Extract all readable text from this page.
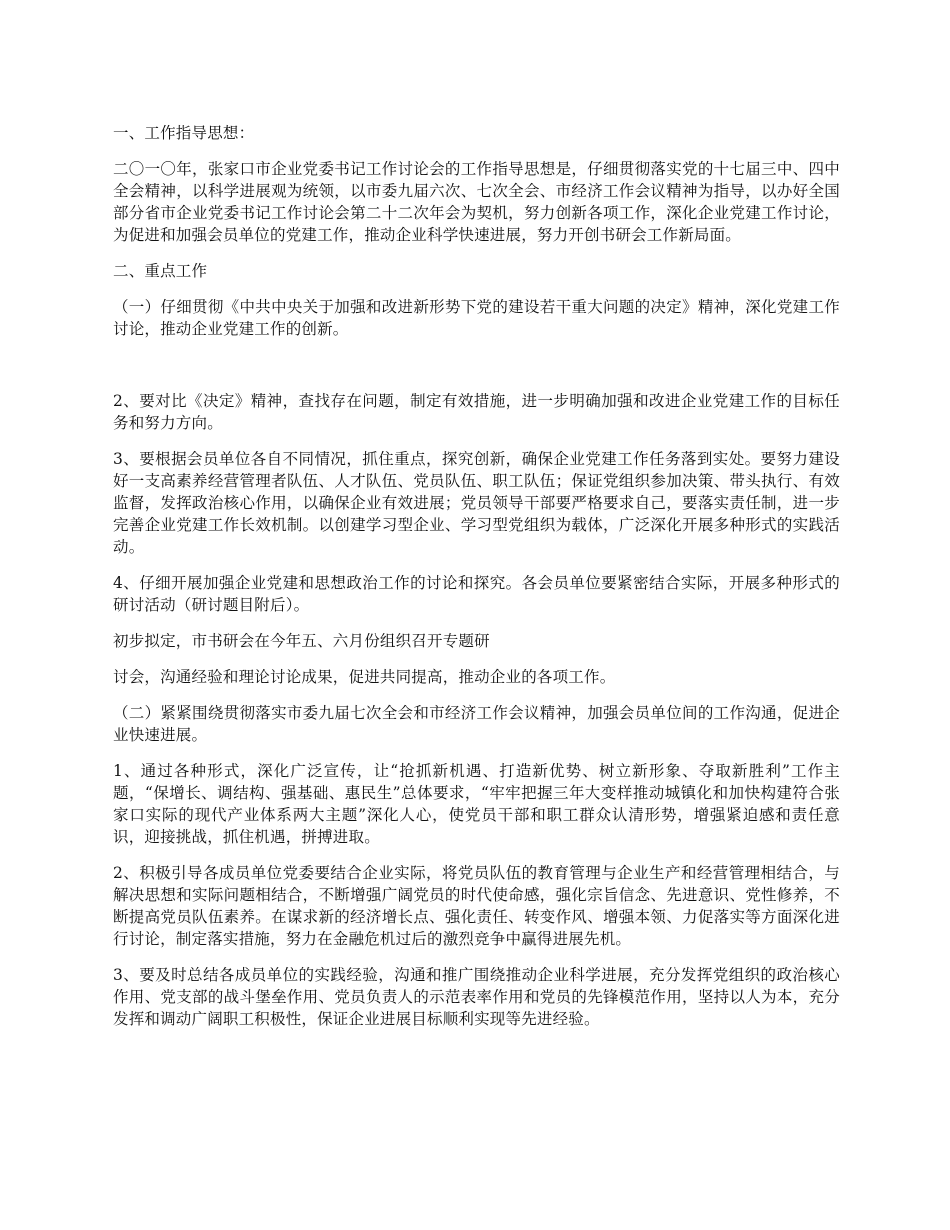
一、工作指导思想：

二〇一〇年，张家口市企业党委书记工作讨论会的工作指导思想是，仔细贯彻落实党的十七届三中、四中全会精神，以科学进展观为统领，以市委九届六次、七次全会、市经济工作会议精神为指导，以办好全国部分省市企业党委书记工作讨论会第二十二次年会为契机，努力创新各项工作，深化企业党建工作讨论，为促进和加强会员单位的党建工作，推动企业科学快速进展，努力开创书研会工作新局面。

二、重点工作

（一）仔细贯彻《中共中央关于加强和改进新形势下党的建设若干重大问题的决定》精神，深化党建工作讨论，推动企业党建工作的创新。

2、要对比《决定》精神，查找存在问题，制定有效措施，进一步明确加强和改进企业党建工作的目标任务和努力方向。

3、要根据会员单位各自不同情况，抓住重点，探究创新，确保企业党建工作任务落到实处。要努力建设好一支高素养经营管理者队伍、人才队伍、党员队伍、职工队伍；保证党组织参加决策、带头执行、有效监督，发挥政治核心作用，以确保企业有效进展；党员领导干部要严格要求自己，要落实责任制，进一步完善企业党建工作长效机制。以创建学习型企业、学习型党组织为载体，广泛深化开展多种形式的实践活动。

4、仔细开展加强企业党建和思想政治工作的讨论和探究。各会员单位要紧密结合实际，开展多种形式的研讨活动（研讨题目附后）。

初步拟定，市书研会在今年五、六月份组织召开专题研

讨会，沟通经验和理论讨论成果，促进共同提高，推动企业的各项工作。

（二）紧紧围绕贯彻落实市委九届七次全会和市经济工作会议精神，加强会员单位间的工作沟通，促进企业快速进展。

1、通过各种形式，深化广泛宣传，让“抢抓新机遇、打造新优势、树立新形象、夺取新胜利”工作主题，“保增长、调结构、强基础、惠民生”总体要求，“牢牢把握三年大变样推动城镇化和加快构建符合张家口实际的现代产业体系两大主题”深化人心，使党员干部和职工群众认清形势，增强紧迫感和责任意识，迎接挑战，抓住机遇，拼搏进取。

2、积极引导各成员单位党委要结合企业实际，将党员队伍的教育管理与企业生产和经营管理相结合，与解决思想和实际问题相结合，不断增强广阔党员的时代使命感，强化宗旨信念、先进意识、党性修养，不断提高党员队伍素养。在谋求新的经济增长点、强化责任、转变作风、增强本领、力促落实等方面深化进行讨论，制定落实措施，努力在金融危机过后的激烈竞争中赢得进展先机。

3、要及时总结各成员单位的实践经验，沟通和推广围绕推动企业科学进展，充分发挥党组织的政治核心作用、党支部的战斗堡垒作用、党员负责人的示范表率作用和党员的先锋模范作用，坚持以人为本，充分发挥和调动广阔职工积极性，保证企业进展目标顺利实现等先进经验。
